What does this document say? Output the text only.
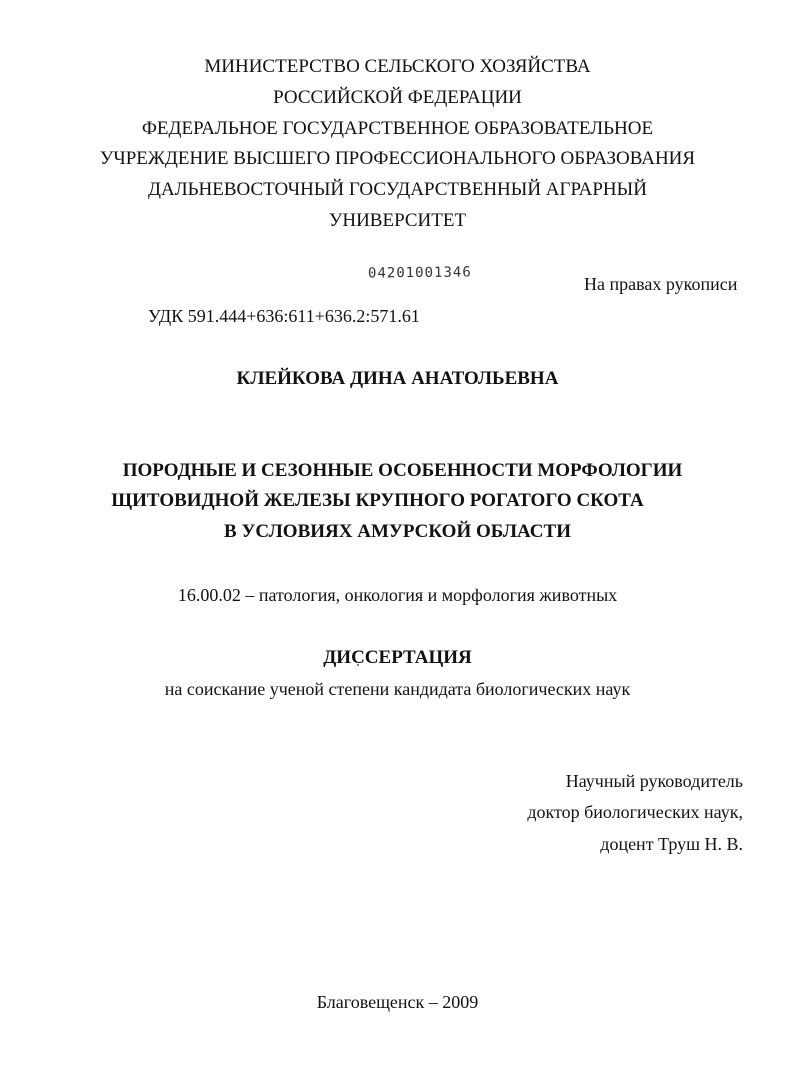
МИНИСТЕРСТВО СЕЛЬСКОГО ХОЗЯЙСТВА
РОССИЙСКОЙ ФЕДЕРАЦИИ
ФЕДЕРАЛЬНОЕ ГОСУДАРСТВЕННОЕ ОБРАЗОВАТЕЛЬНОЕ
УЧРЕЖДЕНИЕ ВЫСШЕГО ПРОФЕССИОНАЛЬНОГО ОБРАЗОВАНИЯ
ДАЛЬНЕВОСТОЧНЫЙ ГОСУДАРСТВЕННЫЙ АГРАРНЫЙ
УНИВЕРСИТЕТ
04201001346
На правах рукописи
УДК 591.444+636:611+636.2:571.61
КЛЕЙКОВА ДИНА АНАТОЛЬЕВНА
ПОРОДНЫЕ И СЕЗОННЫЕ ОСОБЕННОСТИ МОРФОЛОГИИ
ЩИТОВИДНОЙ ЖЕЛЕЗЫ КРУПНОГО РОГАТОГО СКОТА
В УСЛОВИЯХ АМУРСКОЙ ОБЛАСТИ
16.00.02 – патология, онкология и морфология животных
ДИССЕРТАЦИЯ
на соискание ученой степени кандидата биологических наук
Научный руководитель
доктор биологических наук,
доцент Труш Н. В.
Благовещенск – 2009
